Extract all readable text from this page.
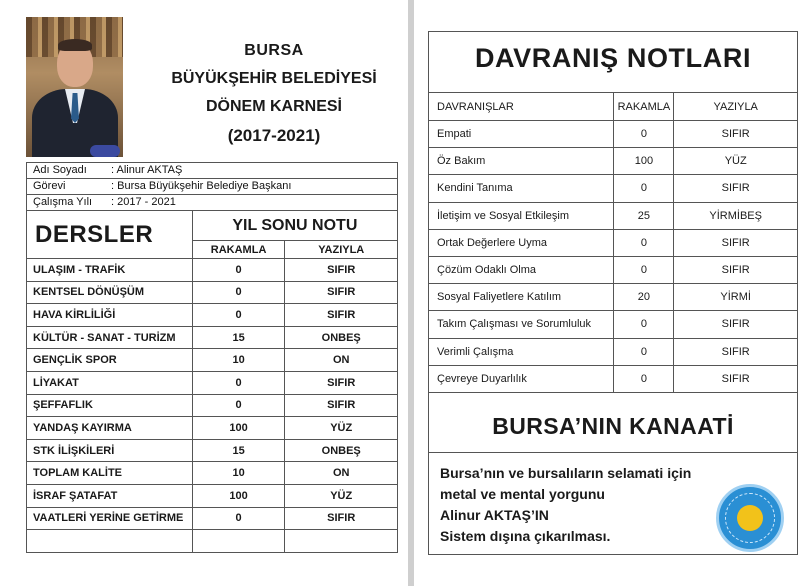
BURSA
BÜYÜKŞEHİR BELEDİYESİ
DÖNEM KARNESİ
(2017-2021)
Adı Soyadı : Alinur AKTAŞ
Görevi	: Bursa Büyükşehir Belediye Başkanı
Çalışma Yılı : 2017 - 2021
DERSLER	YIL SONU NOTU	
	RAKAMLA	YAZIYLA
ULAŞIM - TRAFİK	0	SIFIR
KENTSEL DÖNÜŞÜM	0	SIFIR
HAVA KİRLİLİĞİ	0	SIFIR
KÜLTÜR - SANAT - TURİZM	15	ONBEŞ
GENÇLİK SPOR	10	ON
LİYAKAT	0	SIFIR
ŞEFFAFLIK	0	SIFIR
YANDAŞ KAYIRMA	100	YÜZ
STK İLİŞKİLERİ	15	ONBEŞ
TOPLAM KALİTE	10	ON
İSRAF ŞATAFAT	100	YÜZ
VAATLERİ YERİNE GETİRME	0	SIFIR

DAVRANIŞ NOTLARI
DAVRANIŞLAR	RAKAMLA	YAZIYLA
Empati	0	SIFIR
Öz Bakım	100	YÜZ
Kendini Tanıma	0	SIFIR
İletişim ve Sosyal Etkileşim	25	YİRMİBEŞ
Ortak Değerlere Uyma	0	SIFIR
Çözüm Odaklı Olma	0	SIFIR
Sosyal Faliyetlere Katılım	20	YİRMİ
Takım Çalışması ve Sorumluluk	0	SIFIR
Verimli Çalışma	0	SIFIR
Çevreye Duyarlılık	0	SIFIR
BURSA’NIN KANAATİ
Bursa’nın ve bursalıların selamati için
metal ve mental yorgunu
Alinur AKTAŞ’IN
Sistem dışına çıkarılması.
